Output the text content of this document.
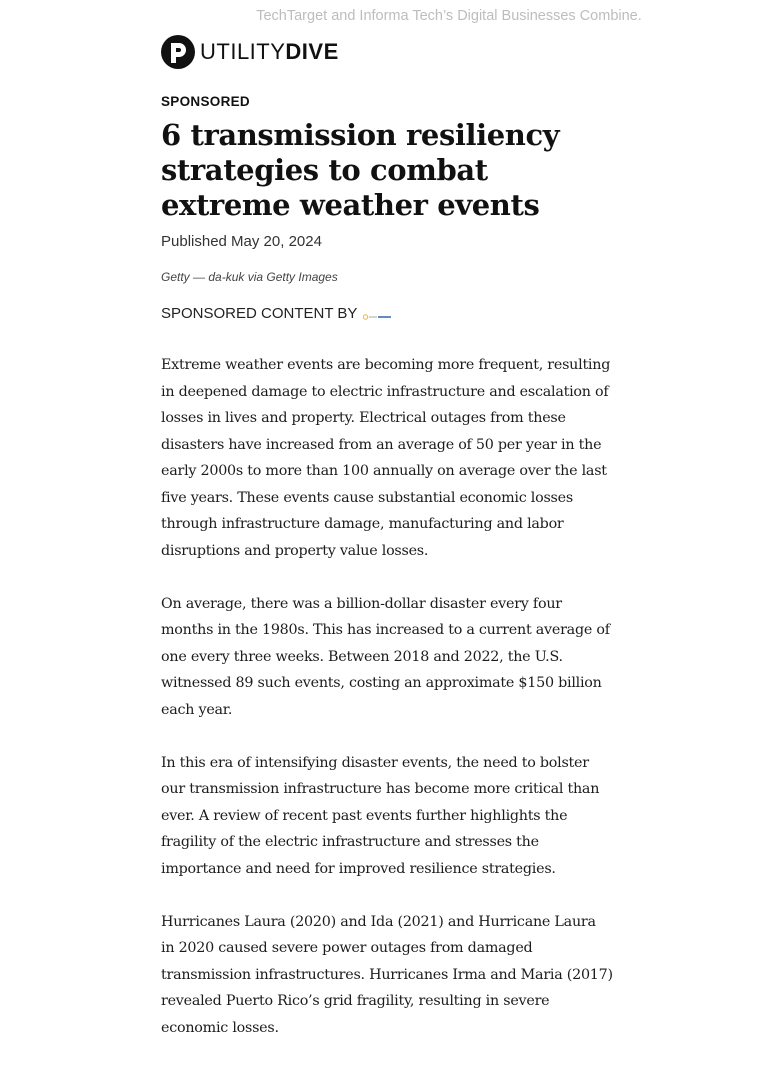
TechTarget and Informa Tech’s Digital Businesses Combine.
UTILITYDIVE
SPONSORED
6 transmission resiliency strategies to combat extreme weather events
Published May 20, 2024
Getty — da-kuk via Getty Images
SPONSORED CONTENT BY

Extreme weather events are becoming more frequent, resulting in deepened damage to electric infrastructure and escalation of losses in lives and property. Electrical outages from these disasters have increased from an average of 50 per year in the early 2000s to more than 100 annually on average over the last five years. These events cause substantial economic losses through infrastructure damage, manufacturing and labor disruptions and property value losses.

On average, there was a billion-dollar disaster every four months in the 1980s. This has increased to a current average of one every three weeks. Between 2018 and 2022, the U.S. witnessed 89 such events, costing an approximate $150 billion each year.

In this era of intensifying disaster events, the need to bolster our transmission infrastructure has become more critical than ever. A review of recent past events further highlights the fragility of the electric infrastructure and stresses the importance and need for improved resilience strategies.

Hurricanes Laura (2020) and Ida (2021) and Hurricane Laura in 2020 caused severe power outages from damaged transmission infrastructures. Hurricanes Irma and Maria (2017) revealed Puerto Rico’s grid fragility, resulting in severe economic losses.
